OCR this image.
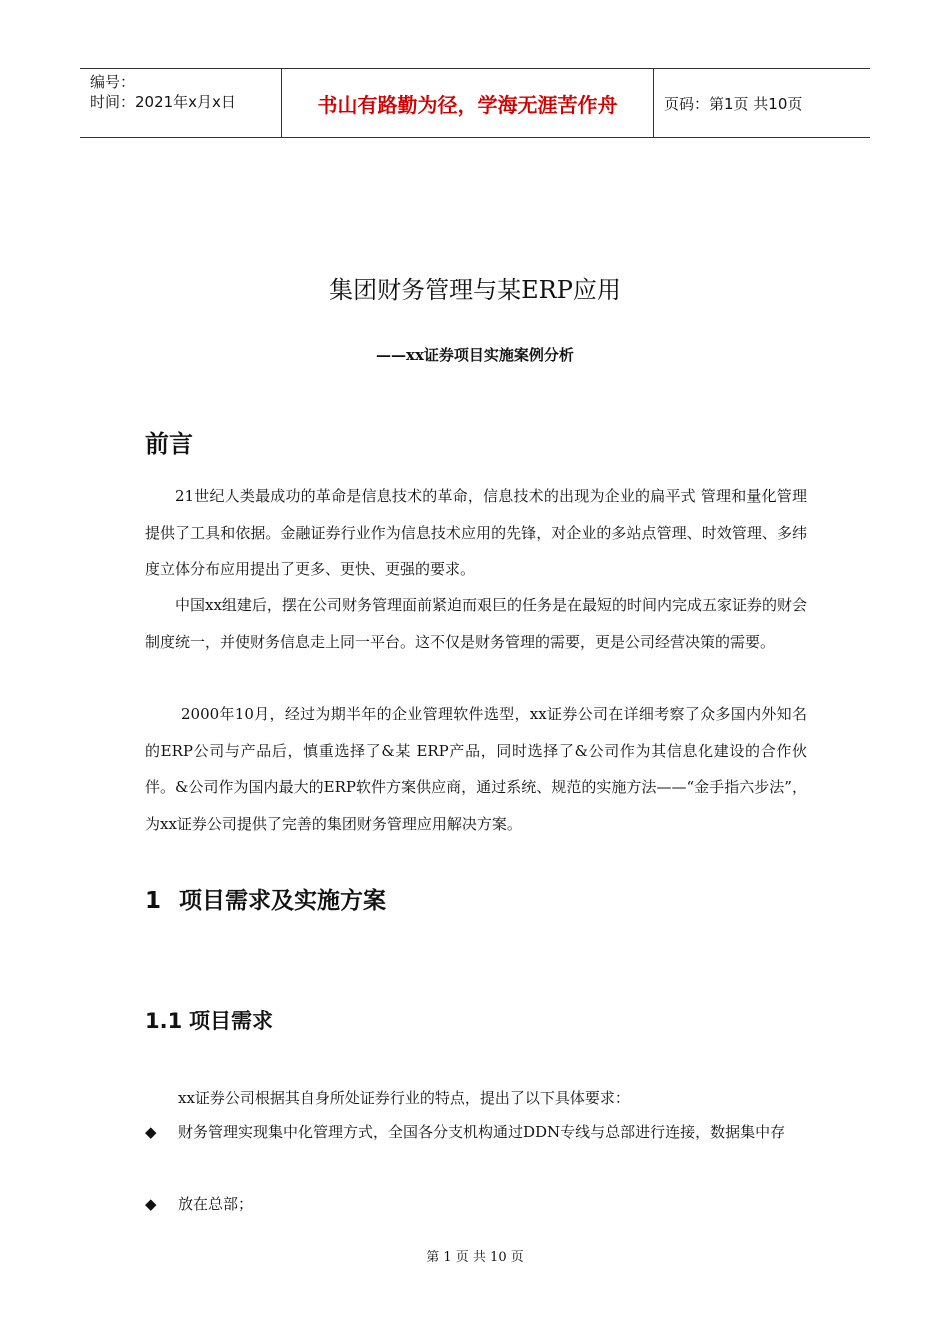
编号：
时间：2021年x月x日	书山有路勤为径，学海无涯苦作舟	页码：第1页 共10页
集团财务管理与某ERP应用
——xx证券项目实施案例分析
前言

21世纪人类最成功的革命是信息技术的革命，信息技术的出现为企业的扁平式 管理和量化管理提供了工具和依据。金融证券行业作为信息技术应用的先锋，对企业的多站点管理、时效管理、多纬度立体分布应用提出了更多、更快、更强的要求。

中国xx组建后，摆在公司财务管理面前紧迫而艰巨的任务是在最短的时间内完成五家证券的财会制度统一，并使财务信息走上同一平台。这不仅是财务管理的需要，更是公司经营决策的需要。

2000年10月，经过为期半年的企业管理软件选型，xx证券公司在详细考察了众多国内外知名的ERP公司与产品后，慎重选择了&某 ERP产品，同时选择了&公司作为其信息化建设的合作伙伴。&公司作为国内最大的ERP软件方案供应商，通过系统、规范的实施方法——“金手指六步法”，为xx证券公司提供了完善的集团财务管理应用解决方案。

1 项目需求及实施方案
1.1 项目需求

xx证券公司根据其自身所处证券行业的特点，提出了以下具体要求：

◆ 财务管理实现集中化管理方式，全国各分支机构通过DDN专线与总部进行连接，数据集中存
◆ 放在总部；
第 1 页 共 10 页
